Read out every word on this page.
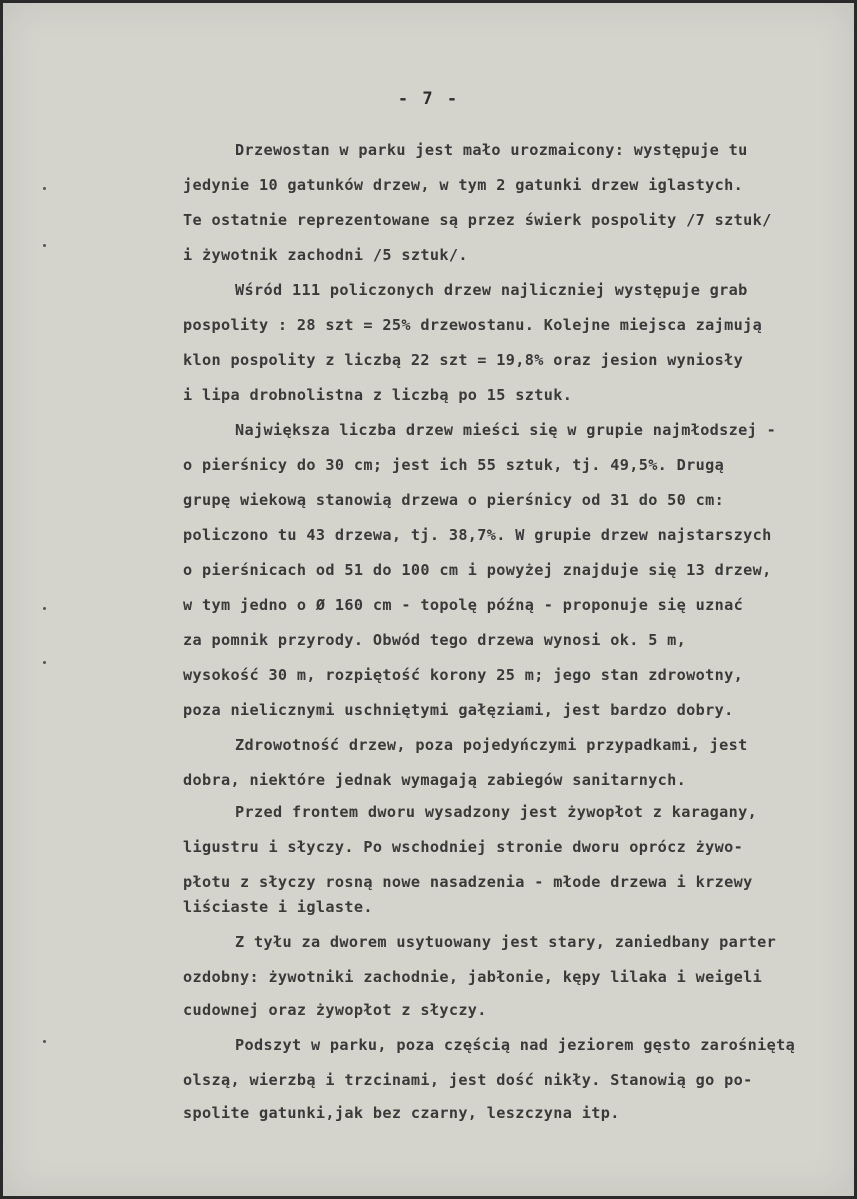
- 7 -
Drzewostan w parku jest mało urozmaicony: występuje tu
jedynie 10 gatunków drzew, w tym 2 gatunki drzew iglastych.
Te ostatnie reprezentowane są przez świerk pospolity /7 sztuk/
i żywotnik zachodni /5 sztuk/.
Wśród 111 policzonych drzew najliczniej występuje grab
pospolity : 28 szt = 25% drzewostanu. Kolejne miejsca zajmują
klon pospolity z liczbą 22 szt = 19,8% oraz jesion wyniosły
i lipa drobnolistna z liczbą po 15 sztuk.
Największa liczba drzew mieści się w grupie najmłodszej -
o pierśnicy do 30 cm; jest ich 55 sztuk, tj. 49,5%. Drugą
grupę wiekową stanowią drzewa o pierśnicy od 31 do 50 cm:
policzono tu 43 drzewa, tj. 38,7%. W grupie drzew najstarszych
o pierśnicach od 51 do 100 cm i powyżej znajduje się 13 drzew,
w tym jedno o Ø 160 cm - topolę późną - proponuje się uznać
za pomnik przyrody. Obwód tego drzewa wynosi ok. 5 m,
wysokość 30 m, rozpiętość korony 25 m; jego stan zdrowotny,
poza nielicznymi uschniętymi gałęziami, jest bardzo dobry.
Zdrowotność drzew, poza pojedyńczymi przypadkami, jest
dobra, niektóre jednak wymagają zabiegów sanitarnych.
Przed frontem dworu wysadzony jest żywopłot z karagany,
ligustru i słyczy. Po wschodniej stronie dworu oprócz żywo-
płotu z słyczy rosną nowe nasadzenia - młode drzewa i krzewy
liściaste i iglaste.
Z tyłu za dworem usytuowany jest stary, zaniedbany parter
ozdobny: żywotniki zachodnie, jabłonie, kępy lilaka i weigeli
cudownej oraz żywopłot z słyczy.
Podszyt w parku, poza częścią nad jeziorem gęsto zarośniętą
olszą, wierzbą i trzcinami, jest dość nikły. Stanowią go po-
spolite gatunki,jak bez czarny, leszczyna itp.
